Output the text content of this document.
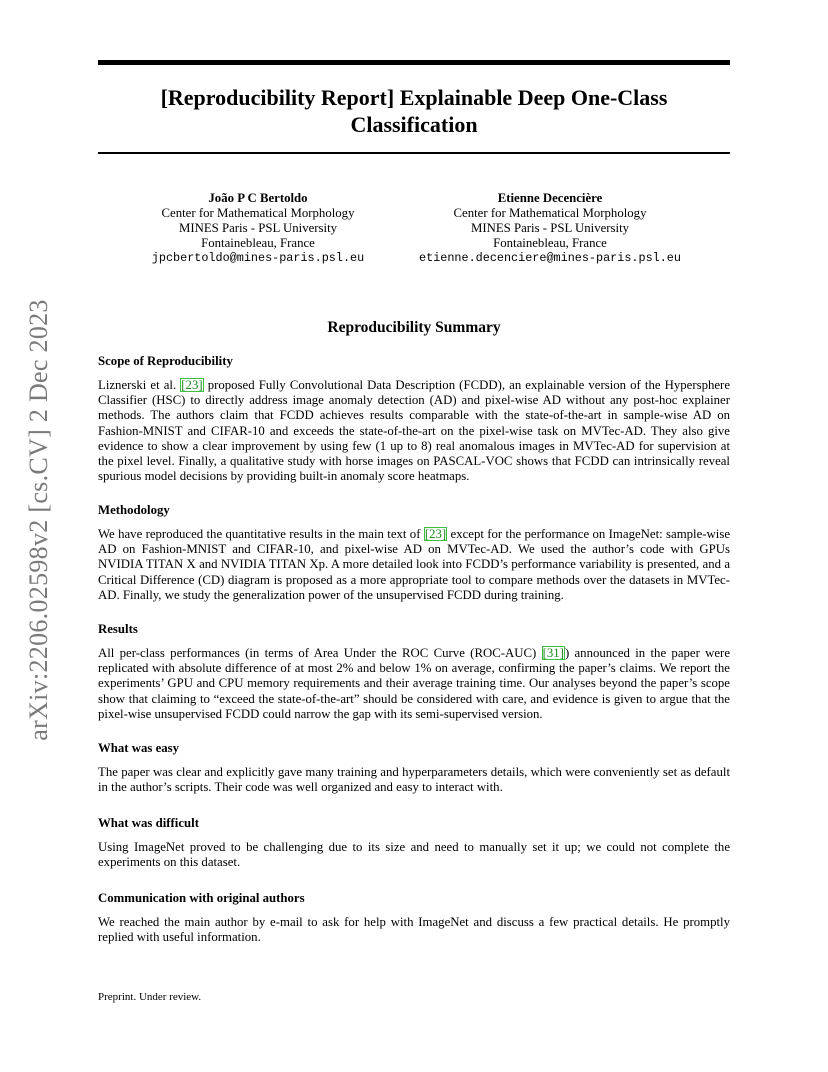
arXiv:2206.02598v2 [cs.CV] 2 Dec 2023
[Reproducibility Report] Explainable Deep One-Class
Classification
João P C Bertoldo
Center for Mathematical Morphology
MINES Paris - PSL University
Fontainebleau, France
jpcbertoldo@mines-paris.psl.eu
Etienne Decencière
Center for Mathematical Morphology
MINES Paris - PSL University
Fontainebleau, France
etienne.decenciere@mines-paris.psl.eu
Reproducibility Summary
Scope of Reproducibility

Liznerski et al. [23] proposed Fully Convolutional Data Description (FCDD), an explainable version of the Hypersphere Classifier (HSC) to directly address image anomaly detection (AD) and pixel-wise AD without any post-hoc explainer methods. The authors claim that FCDD achieves results comparable with the state-of-the-art in sample-wise AD on Fashion-MNIST and CIFAR-10 and exceeds the state-of-the-art on the pixel-wise task on MVTec-AD. They also give evidence to show a clear improvement by using few (1 up to 8) real anomalous images in MVTec-AD for supervision at the pixel level. Finally, a qualitative study with horse images on PASCAL-VOC shows that FCDD can intrinsically reveal spurious model decisions by providing built-in anomaly score heatmaps.

Methodology

We have reproduced the quantitative results in the main text of [23] except for the performance on ImageNet: sample-wise AD on Fashion-MNIST and CIFAR-10, and pixel-wise AD on MVTec-AD. We used the author’s code with GPUs NVIDIA TITAN X and NVIDIA TITAN Xp. A more detailed look into FCDD’s performance variability is presented, and a Critical Difference (CD) diagram is proposed as a more appropriate tool to compare methods over the datasets in MVTec-AD. Finally, we study the generalization power of the unsupervised FCDD during training.

Results

All per-class performances (in terms of Area Under the ROC Curve (ROC-AUC) [31]) announced in the paper were replicated with absolute difference of at most 2% and below 1% on average, confirming the paper’s claims. We report the experiments’ GPU and CPU memory requirements and their average training time. Our analyses beyond the paper’s scope show that claiming to “exceed the state-of-the-art” should be considered with care, and evidence is given to argue that the pixel-wise unsupervised FCDD could narrow the gap with its semi-supervised version.

What was easy

The paper was clear and explicitly gave many training and hyperparameters details, which were conveniently set as default in the author’s scripts. Their code was well organized and easy to interact with.

What was difficult

Using ImageNet proved to be challenging due to its size and need to manually set it up; we could not complete the experiments on this dataset.

Communication with original authors

We reached the main author by e-mail to ask for help with ImageNet and discuss a few practical details. He promptly replied with useful information.

Preprint. Under review.
